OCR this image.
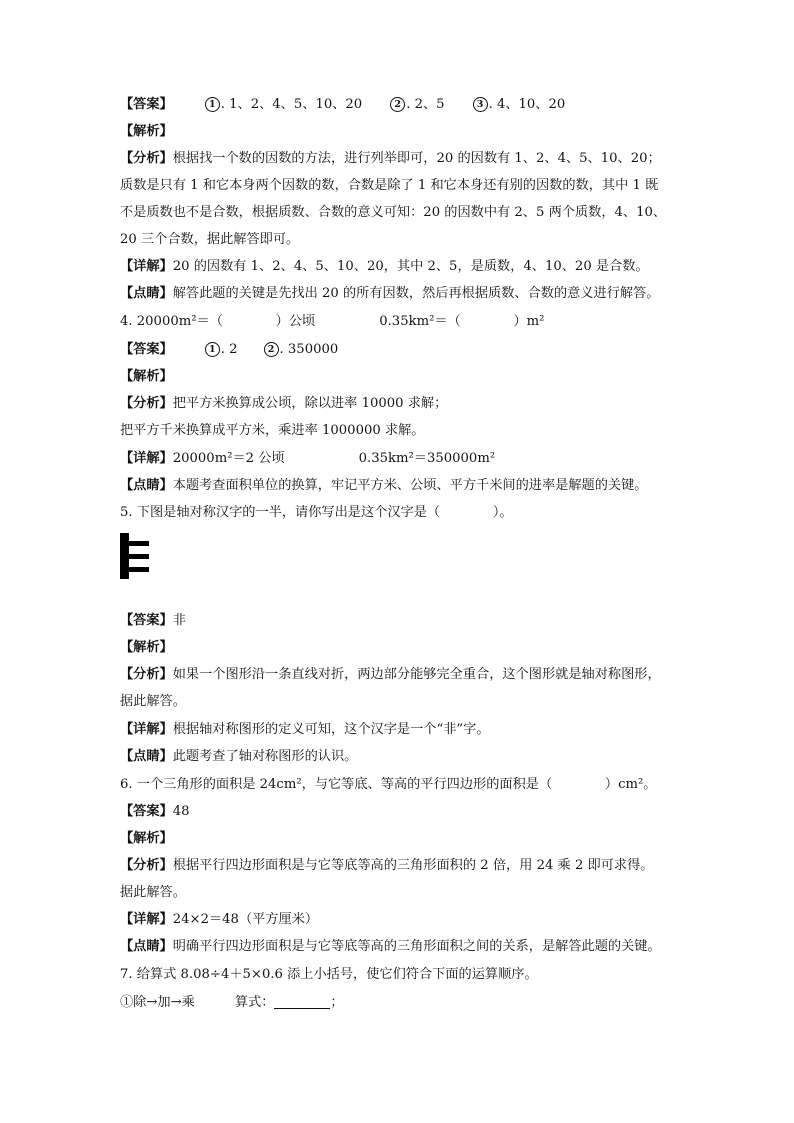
【答案】	1 . 1、2、4、5、10、20	2 . 2、5	3 . 4、10、20
【解析】
【分析】根据找一个数的因数的方法，进行列举即可，20 的因数有 1、2、4、5、10、20；
质数是只有 1 和它本身两个因数的数，合数是除了 1 和它本身还有别的因数的数，其中 1 既
不是质数也不是合数，根据质数、合数的意义可知：20 的因数中有 2、5 两个质数，4、10、
20 三个合数，据此解答即可。
【详解】20 的因数有 1、2、4、5、10、20，其中 2、5，是质数，4、10、20 是合数。
【点睛】解答此题的关键是先找出 20 的所有因数，然后再根据质数、合数的意义进行解答。
4. 20000m²＝（　　　　）公顷	0.35km²＝（　　　　）m²
【答案】	1 . 2	2 . 350000
【解析】
【分析】把平方米换算成公顷，除以进率 10000 求解；
把平方千米换算成平方米，乘进率 1000000 求解。
【详解】20000m²＝2 公顷	0.35km²＝350000m²
【点睛】本题考查面积单位的换算，牢记平方米、公顷、平方千米间的进率是解题的关键。
5. 下图是轴对称汉字的一半，请你写出是这个汉字是（　　　　）。
【答案】非
【解析】
【分析】如果一个图形沿一条直线对折，两边部分能够完全重合，这个图形就是轴对称图形，
据此解答。
【详解】根据轴对称图形的定义可知，这个汉字是一个“非”字。
【点睛】此题考查了轴对称图形的认识。
6. 一个三角形的面积是 24cm²，与它等底、等高的平行四边形的面积是（　　　　）cm²。
【答案】48
【解析】
【分析】根据平行四边形面积是与它等底等高的三角形面积的 2 倍，用 24 乘 2 即可求得。
据此解答。
【详解】24×2＝48（平方厘米）
【点睛】明确平行四边形面积是与它等底等高的三角形面积之间的关系，是解答此题的关键。
7. 给算式 8.08÷4＋5×0.6 添上小括号，使它们符合下面的运算顺序。
①除→加→乘	算式：	；
